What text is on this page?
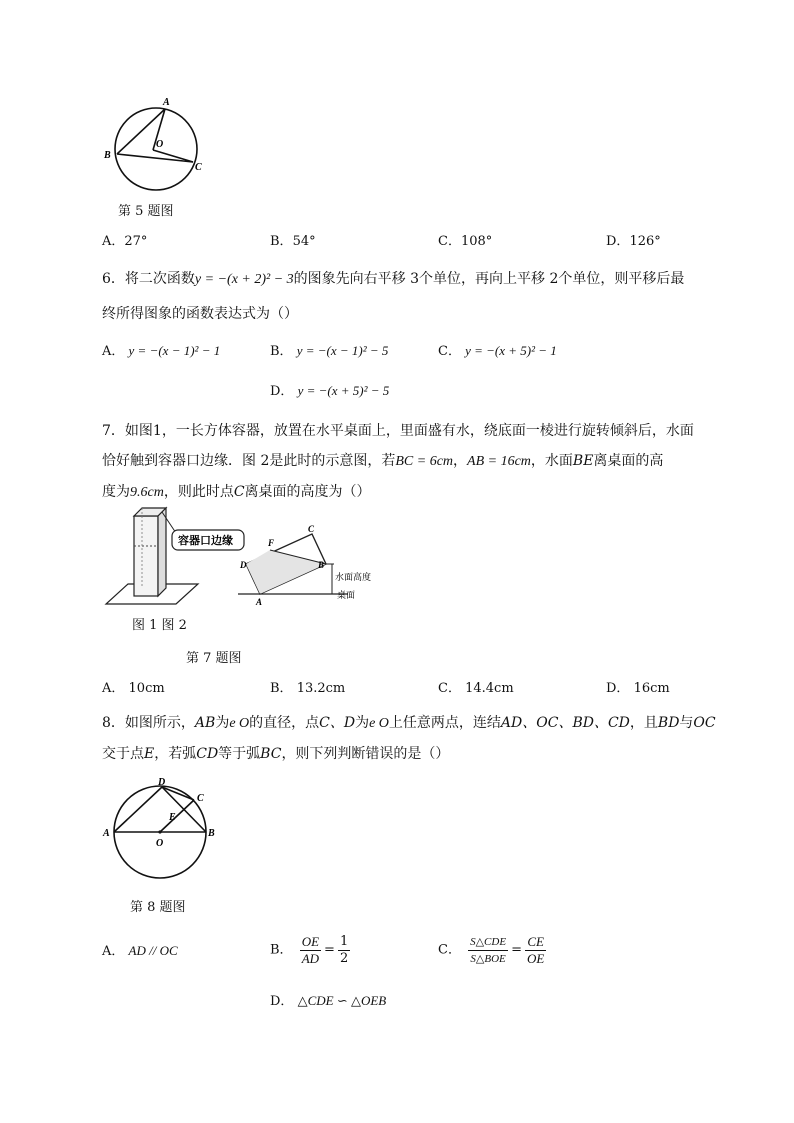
A
B
O
C
第 5 题图
A．27°	B．54°	C．108°	D．126°
6．将二次函数y = −(x + 2)² − 3的图象先向右平移 3个单位，再向上平移 2个单位，则平移后最
终所得图象的函数表达式为（）
A． y = −(x − 1)² − 1	B． y = −(x − 1)² − 5	C． y = −(x + 5)² − 1
D． y = −(x + 5)² − 5
7．如图1，一长方体容器，放置在水平桌面上，里面盛有水，绕底面一棱进行旋转倾斜后，水面
恰好触到容器口边缘．图 2是此时的示意图，若BC = 6cm，AB = 16cm，水面BE离桌面的高
度为9.6cm，则此时点C离桌面的高度为（）
容器口边缘
C
F
D	B
A
水面高度
桌面
图 1 图 2
第 7 题图
A． 10cm	B． 13.2cm	C． 14.4cm	D． 16cm
8．如图所示，AB为e O的直径，点C、D为e O上任意两点，连结AD、OC、BD、CD，且BD与OC
交于点E，若弧CD等于弧BC，则下列判断错误的是（）
D
C
E
A	B
O
第 8 题图
A． AD // OC	B． $\frac{OE}{AD} = \frac{1}{2}$	C． $\frac{\text{S△CDE}}{\text{S△BOE}} = \frac{CE}{OE}$
D． △CDE ∽ △OEB
